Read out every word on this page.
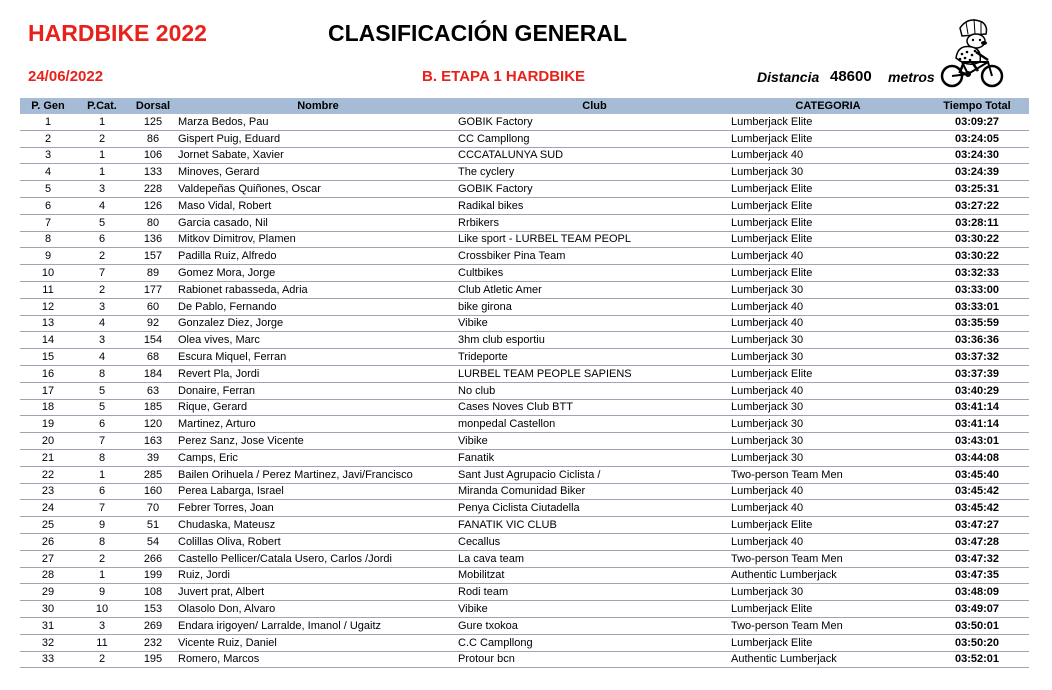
HARDBIKE 2022	CLASIFICACIÓN GENERAL
24/06/2022	B. ETAPA 1 HARDBIKE	Distancia 48600 metros
P. Gen	P.Cat.	Dorsal	Nombre	Club	CATEGORIA	Tiempo Total
1	1	125	Marza Bedos, Pau	GOBIK Factory	Lumberjack Elite	03:09:27
2	2	86	Gispert Puig, Eduard	CC Campllong	Lumberjack Elite	03:24:05
3	1	106	Jornet Sabate, Xavier	CCCATALUNYA SUD	Lumberjack 40	03:24:30
4	1	133	Minoves, Gerard	The cyclery	Lumberjack 30	03:24:39
5	3	228	Valdepeñas Quiñones, Oscar	GOBIK Factory	Lumberjack Elite	03:25:31
6	4	126	Maso Vidal, Robert	Radikal bikes	Lumberjack Elite	03:27:22
7	5	80	Garcia casado, Nil	Rrbikers	Lumberjack Elite	03:28:11
8	6	136	Mitkov Dimitrov, Plamen	Like sport - LURBEL TEAM PEOPL	Lumberjack Elite	03:30:22
9	2	157	Padilla Ruiz, Alfredo	Crossbiker Pina Team	Lumberjack 40	03:30:22
10	7	89	Gomez Mora, Jorge	Cultbikes	Lumberjack Elite	03:32:33
11	2	177	Rabionet rabasseda, Adria	Club Atletic Amer	Lumberjack 30	03:33:00
12	3	60	De Pablo, Fernando	bike girona	Lumberjack 40	03:33:01
13	4	92	Gonzalez Diez, Jorge	Vibike	Lumberjack 40	03:35:59
14	3	154	Olea vives, Marc	3hm club esportiu	Lumberjack 30	03:36:36
15	4	68	Escura Miquel, Ferran	Trideporte	Lumberjack 30	03:37:32
16	8	184	Revert Pla, Jordi	LURBEL TEAM PEOPLE SAPIENS	Lumberjack Elite	03:37:39
17	5	63	Donaire, Ferran	No club	Lumberjack 40	03:40:29
18	5	185	Rique, Gerard	Cases Noves Club BTT	Lumberjack 30	03:41:14
19	6	120	Martinez, Arturo	monpedal Castellon	Lumberjack 30	03:41:14
20	7	163	Perez Sanz, Jose Vicente	Vibike	Lumberjack 30	03:43:01
21	8	39	Camps, Eric	Fanatik	Lumberjack 30	03:44:08
22	1	285	Bailen Orihuela / Perez Martinez, Javi/Francisco	Sant Just Agrupacio Ciclista /	Two-person Team Men	03:45:40
23	6	160	Perea Labarga, Israel	Miranda Comunidad Biker	Lumberjack 40	03:45:42
24	7	70	Febrer Torres, Joan	Penya Ciclista Ciutadella	Lumberjack 40	03:45:42
25	9	51	Chudaska, Mateusz	FANATIK VIC CLUB	Lumberjack Elite	03:47:27
26	8	54	Colillas Oliva, Robert	Cecallus	Lumberjack 40	03:47:28
27	2	266	Castello Pellicer/Catala Usero, Carlos /Jordi	La cava team	Two-person Team Men	03:47:32
28	1	199	Ruiz, Jordi	Mobilitzat	Authentic Lumberjack	03:47:35
29	9	108	Juvert prat, Albert	Rodi team	Lumberjack 30	03:48:09
30	10	153	Olasolo Don, Alvaro	Vibike	Lumberjack Elite	03:49:07
31	3	269	Endara irigoyen/ Larralde, Imanol / Ugaitz	Gure txokoa	Two-person Team Men	03:50:01
32	11	232	Vicente Ruiz, Daniel	C.C Campllong	Lumberjack Elite	03:50:20
33	2	195	Romero, Marcos	Protour bcn	Authentic Lumberjack	03:52:01
